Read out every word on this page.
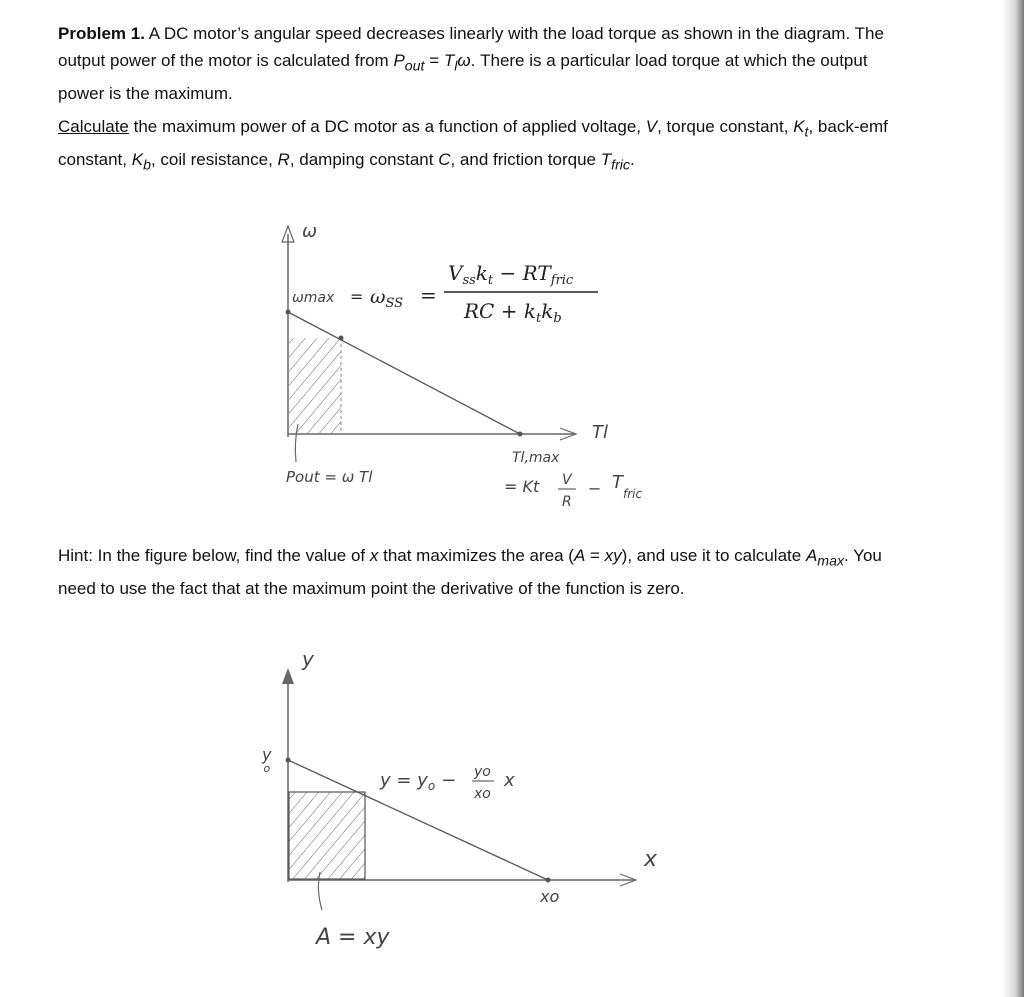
Problem 1. A DC motor’s angular speed decreases linearly with the load torque as shown in the diagram. The output power of the motor is calculated from $P_{out} = T_l\omega$. There is a particular load torque at which the output power is the maximum.

Calculate the maximum power of a DC motor as a function of applied voltage, V, torque constant, $K_t$, back-emf constant, $K_b$, coil resistance, R, damping constant C, and friction torque $T_{fric}$.

ω
$\omega\max = \omega_{SS}$ =
$V_{ss}k_t - RT_{fric}$
RC + $k_tk_b$
Tl
Pout = ω Tl
Tl,max
= Kt V
R
− $T_{fric}$

Hint: In the figure below, find the value of x that maximizes the area (A = xy), and use it to calculate $A_{max}$. You need to use the fact that at the maximum point the derivative of the function is zero.

y
y o
$y = y_o$ − yo
xo
x
x
xo
A = xy
